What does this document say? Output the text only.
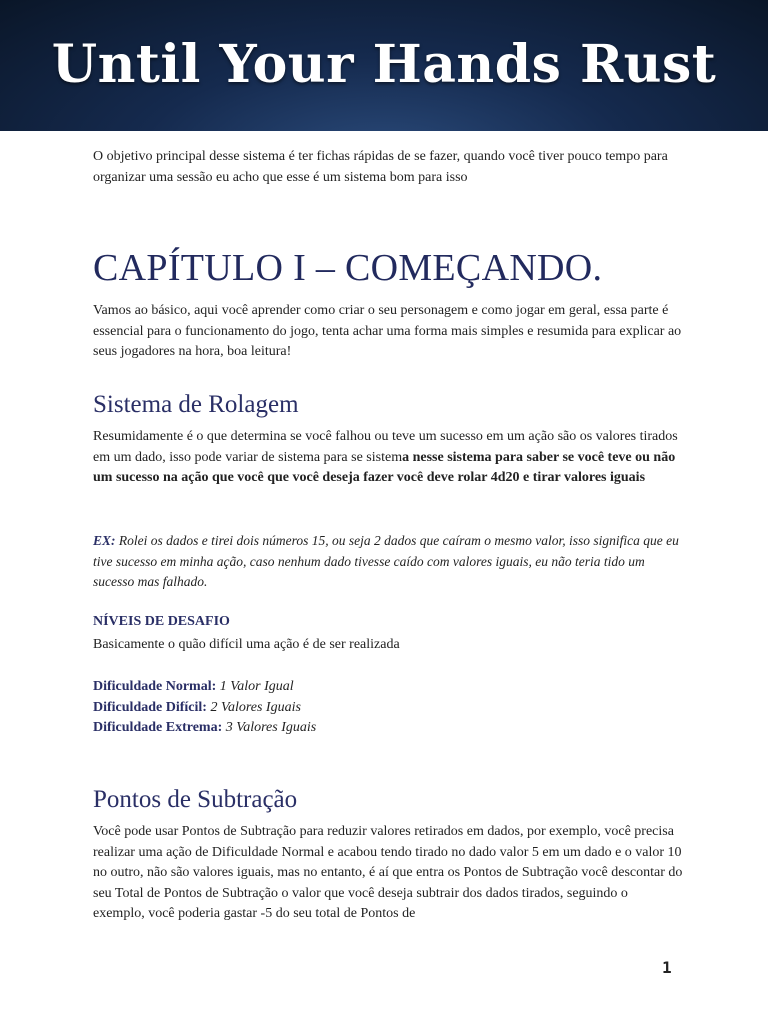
Until Your Hands Rust
O objetivo principal desse sistema é ter fichas rápidas de se fazer, quando você tiver pouco tempo para organizar uma sessão eu acho que esse é um sistema bom para isso
CAPÍTULO I – COMEÇANDO.
Vamos ao básico, aqui você aprender como criar o seu personagem e como jogar em geral, essa parte é essencial para o funcionamento do jogo, tenta achar uma forma mais simples e resumida para explicar ao seus jogadores na hora, boa leitura!
Sistema de Rolagem
Resumidamente é o que determina se você falhou ou teve um sucesso em um ação são os valores tirados em um dado, isso pode variar de sistema para se sistema nesse sistema para saber se você teve ou não um sucesso na ação que você que você deseja fazer você deve rolar 4d20 e tirar valores iguais
EX: Rolei os dados e tirei dois números 15, ou seja 2 dados que caíram o mesmo valor, isso significa que eu tive sucesso em minha ação, caso nenhum dado tivesse caído com valores iguais, eu não teria tido um sucesso mas falhado.
NÍVEIS DE DESAFIO
Basicamente o quão difícil uma ação é de ser realizada
Dificuldade Normal: 1 Valor Igual
Dificuldade Difícil: 2 Valores Iguais
Dificuldade Extrema: 3 Valores Iguais
Pontos de Subtração
Você pode usar Pontos de Subtração para reduzir valores retirados em dados, por exemplo, você precisa realizar uma ação de Dificuldade Normal e acabou tendo tirado no dado valor 5 em um dado e o valor 10 no outro, não são valores iguais, mas no entanto, é aí que entra os Pontos de Subtração você descontar do seu Total de Pontos de Subtração o valor que você deseja subtrair dos dados tirados, seguindo o exemplo, você poderia gastar -5 do seu total de Pontos de
1
